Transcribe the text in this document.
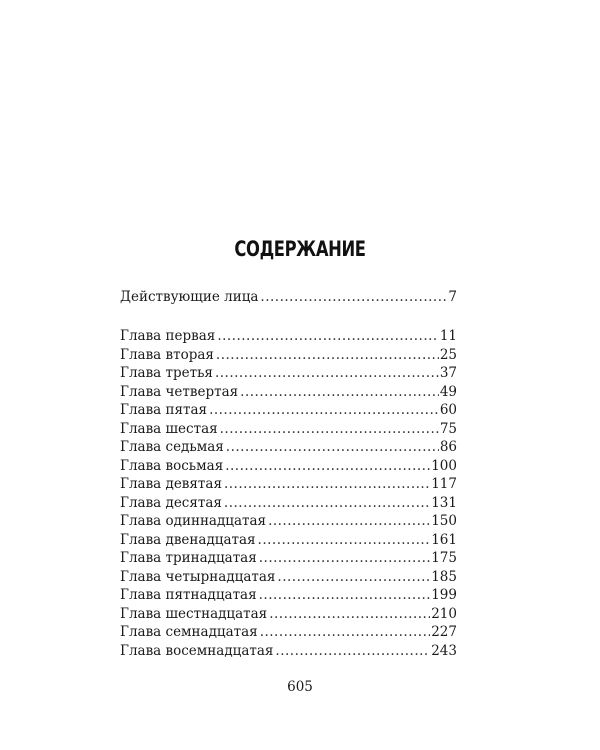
СОДЕРЖАНИЕ
Действующие лица .....	7
Глава первая .....	11
Глава вторая .....	25
Глава третья .....	37
Глава четвертая .....	49
Глава пятая .....	60
Глава шестая .....	75
Глава седьмая .....	86
Глава восьмая .....	100
Глава девятая .....	117
Глава десятая .....	131
Глава одиннадцатая .....	150
Глава двенадцатая .....	161
Глава тринадцатая .....	175
Глава четырнадцатая .....	185
Глава пятнадцатая .....	199
Глава шестнадцатая .....	210
Глава семнадцатая .....	227
Глава восемнадцатая .....	243
605
